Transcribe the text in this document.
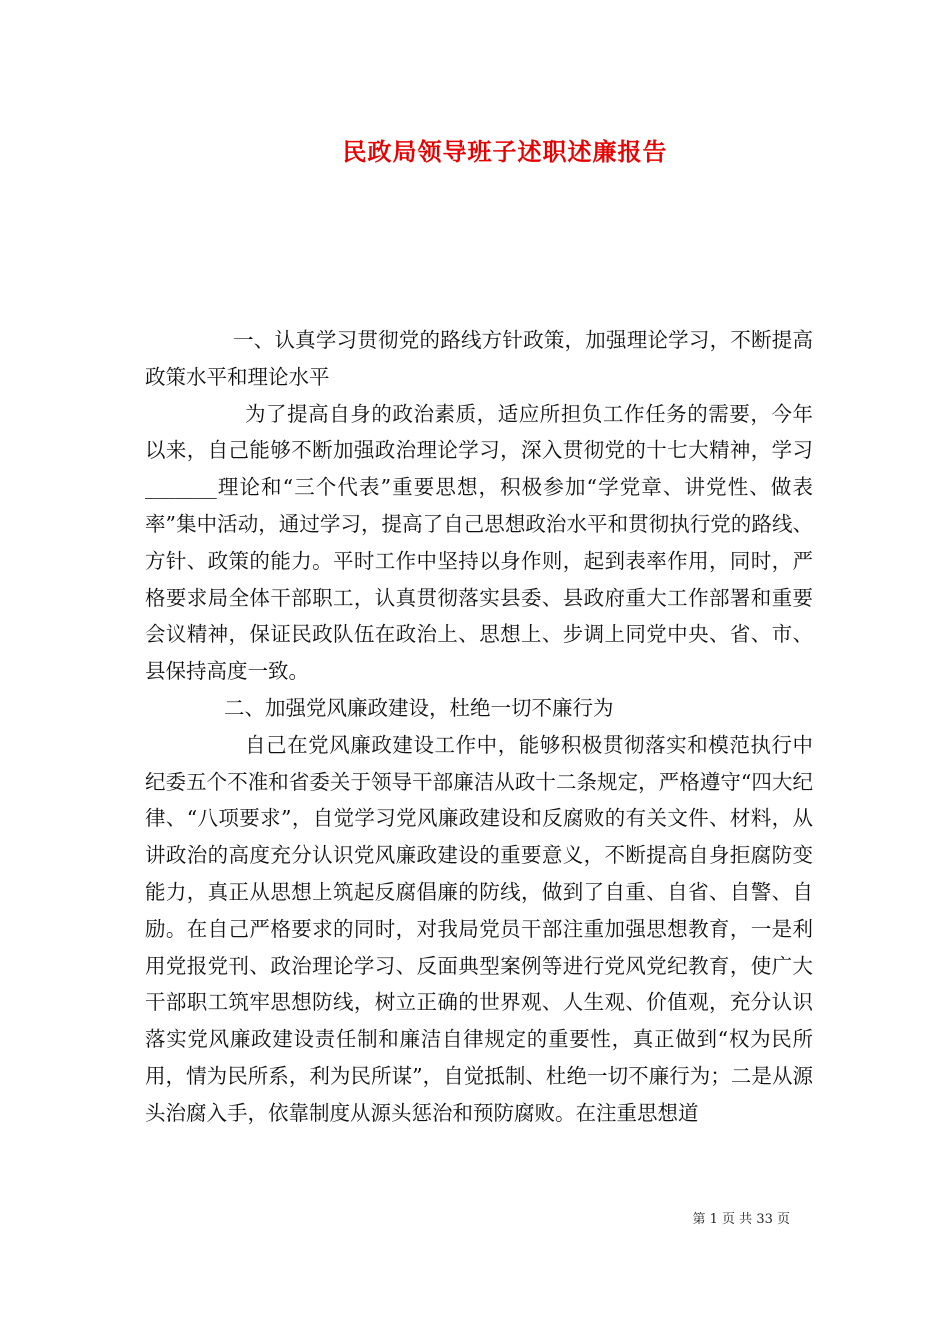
民政局领导班子述职述廉报告

一、认真学习贯彻党的路线方针政策，加强理论学习，不断提高政策水平和理论水平

为了提高自身的政治素质，适应所担负工作任务的需要，今年以来，自己能够不断加强政治理论学习，深入贯彻党的十七大精神，学习_______理论和“三个代表”重要思想，积极参加“学党章、讲党性、做表率”集中活动，通过学习，提高了自己思想政治水平和贯彻执行党的路线、方针、政策的能力。平时工作中坚持以身作则，起到表率作用，同时，严格要求局全体干部职工，认真贯彻落实县委、县政府重大工作部署和重要会议精神，保证民政队伍在政治上、思想上、步调上同党中央、省、市、县保持高度一致。

二、加强党风廉政建设，杜绝一切不廉行为

自己在党风廉政建设工作中，能够积极贯彻落实和模范执行中纪委五个不准和省委关于领导干部廉洁从政十二条规定，严格遵守“四大纪律、“八项要求”，自觉学习党风廉政建设和反腐败的有关文件、材料，从讲政治的高度充分认识党风廉政建设的重要意义，不断提高自身拒腐防变能力，真正从思想上筑起反腐倡廉的防线，做到了自重、自省、自警、自励。在自己严格要求的同时，对我局党员干部注重加强思想教育，一是利用党报党刊、政治理论学习、反面典型案例等进行党风党纪教育，使广大干部职工筑牢思想防线，树立正确的世界观、人生观、价值观，充分认识落实党风廉政建设责任制和廉洁自律规定的重要性，真正做到“权为民所用，情为民所系，利为民所谋”，自觉抵制、杜绝一切不廉行为；二是从源头治腐入手，依靠制度从源头惩治和预防腐败。在注重思想道

第 1 页 共 33 页
